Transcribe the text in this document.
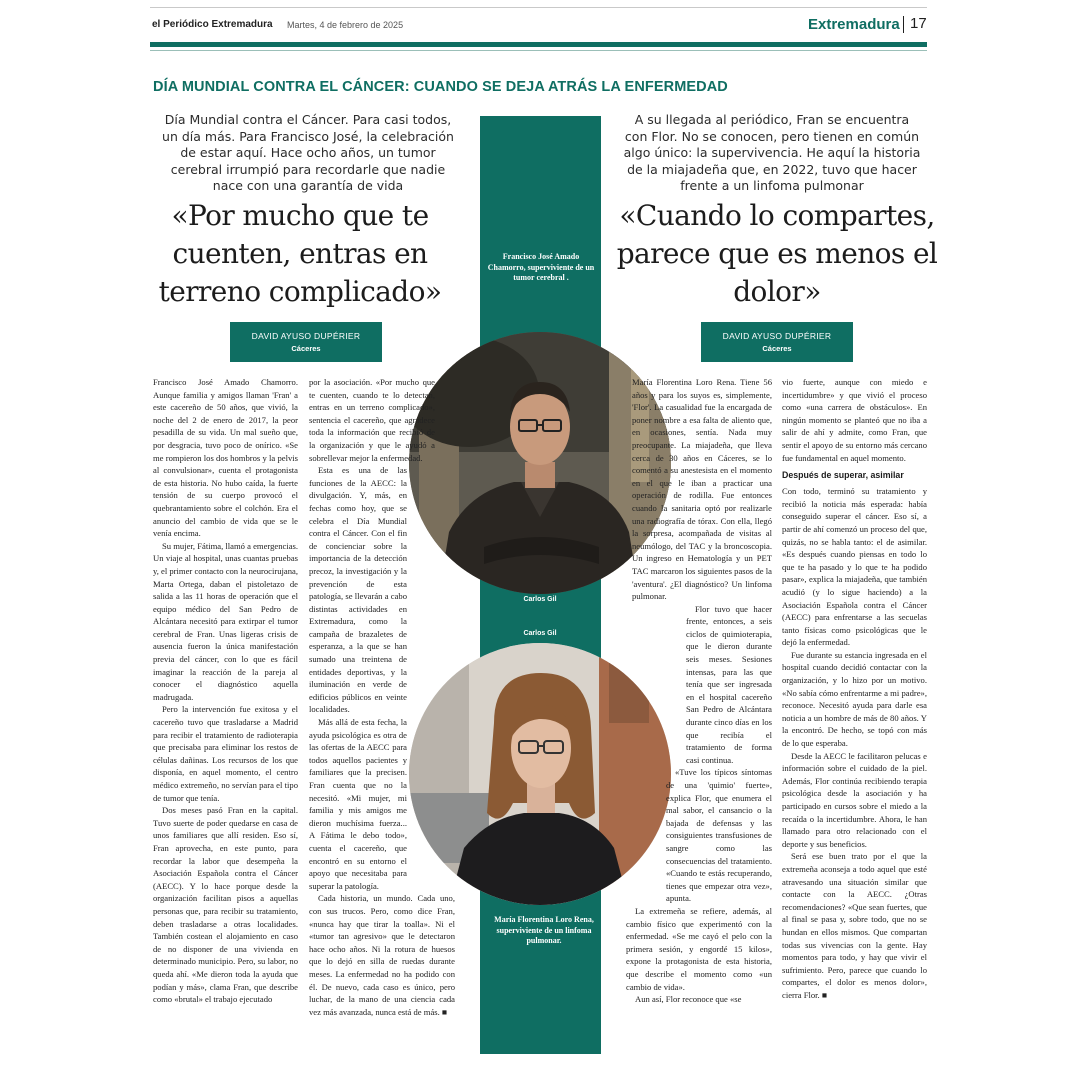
el Periódico Extremadura Martes, 4 de febrero de 2025	Extremadura 17
DÍA MUNDIAL CONTRA EL CÁNCER: CUANDO SE DEJA ATRÁS LA ENFERMEDAD
Día Mundial contra el Cáncer. Para casi todos, un día más. Para Francisco José, la celebración de estar aquí. Hace ocho años, un tumor cerebral irrumpió para recordarle que nadie nace con una garantía de vida
A su llegada al periódico, Fran se encuentra con Flor. No se conocen, pero tienen en común algo único: la supervivencia. He aquí la historia de la miajadeña que, en 2022, tuvo que hacer frente a un linfoma pulmonar
«Por mucho que te cuenten, entras en terreno complicado»
«Cuando lo compartes, parece que es menos el dolor»
DAVID AYUSO DUPÉRIER
Cáceres
DAVID AYUSO DUPÉRIER
Cáceres
Francisco José Amado Chamorro, superviviente de un tumor cerebral .
Carlos Gil
Carlos Gil
María Florentina Loro Rena, superviviente de un linfoma pulmonar.

Francisco José Amado Chamorro. Aunque familia y amigos llaman 'Fran' a este cacereño de 50 años, que vivió, la noche del 2 de enero de 2017, la peor pesadilla de su vida. Un mal sueño que, por desgracia, tuvo poco de onírico. «Se me rompieron los dos hombros y la pelvis al convulsionar», cuenta el protagonista de esta historia. No hubo caída, la fuerte tensión de su cuerpo provocó el quebrantamiento sobre el colchón. Era el anuncio del cambio de vida que se le venía encima.

Su mujer, Fátima, llamó a emergencias. Un viaje al hospital, unas cuantas pruebas y, el primer contacto con la neurocirujana, Marta Ortega, daban el pistoletazo de salida a las 11 horas de operación que el equipo médico del San Pedro de Alcántara necesitó para extirpar el tumor cerebral de Fran. Unas ligeras crisis de ausencia fueron la única manifestación previa del cáncer, con lo que es fácil imaginar la reacción de la pareja al conocer el diagnóstico aquella madrugada.

Pero la intervención fue exitosa y el cacereño tuvo que trasladarse a Madrid para recibir el tratamiento de radioterapia que precisaba para eliminar los restos de células dañinas. Los recursos de los que disponía, en aquel momento, el centro médico extremeño, no servían para el tipo de tumor que tenía.

Dos meses pasó Fran en la capital. Tuvo suerte de poder quedarse en casa de unos familiares que allí residen. Eso sí, Fran aprovecha, en este punto, para recordar la labor que desempeña la Asociación Española contra el Cáncer (AECC). Y lo hace porque desde la organización facilitan pisos a aquellas personas que, para recibir su tratamiento, deben trasladarse a otras localidades. También costean el alojamiento en caso de no disponer de una vivienda en determinado municipio. Pero, su labor, no queda ahí. «Me dieron toda la ayuda que podían y más», clama Fran, que describe como «brutal» el trabajo ejecutado

por la asociación. «Por mucho que te cuenten, cuando te lo detectan, entras en un terreno complicado», sentencia el cacereño, que agradece toda la información que recibió de la organización y que le ayudó a sobrellevar mejor la enfermedad.

Esta es una de las funciones de la AECC: la divulgación. Y, más, en fechas como hoy, que se celebra el Día Mundial contra el Cáncer. Con el fin de concienciar sobre la importancia de la detección precoz, la investigación y la prevención de esta patología, se llevarán a cabo distintas actividades en Extremadura, como la campaña de brazaletes de esperanza, a la que se han sumado una treintena de entidades deportivas, y la iluminación en verde de edificios públicos en veinte localidades.

Más allá de esta fecha, la ayuda psicológica es otra de las ofertas de la AECC para todos aquellos pacientes y familiares que la precisen. Fran cuenta que no la necesitó. «Mi mujer, mi familia y mis amigos me dieron muchísima fuerza... A Fátima le debo todo», cuenta el cacereño, que encontró en su entorno el apoyo que necesitaba para superar la patología.

Cada historia, un mundo. Cada uno, con sus trucos. Pero, como dice Fran, «nunca hay que tirar la toalla». Ni el «tumor tan agresivo» que le detectaron hace ocho años. Ni la rotura de huesos que lo dejó en silla de ruedas durante meses. La enfermedad no ha podido con él. De nuevo, cada caso es único, pero luchar, de la mano de una ciencia cada vez más avanzada, nunca está de más. ■

María Florentina Loro Rena. Tiene 56 años y para los suyos es, simplemente, 'Flor'. La casualidad fue la encargada de poner nombre a esa falta de aliento que, en ocasiones, sentía. Nada muy preocupante. La miajadeña, que lleva cerca de 30 años en Cáceres, se lo comentó a su anestesista en el momento en el que le iban a practicar una operación de rodilla. Fue entonces cuando la sanitaria optó por realizarle una radiografía de tórax. Con ella, llegó la sorpresa, acompañada de visitas al neumólogo, del TAC y la broncoscopia. Un ingreso en Hematología y un PET TAC marcaron los siguientes pasos de la 'aventura'. ¿El diagnóstico? Un linfoma pulmonar.

Flor tuvo que hacer frente, entonces, a seis ciclos de quimioterapia, que le dieron durante seis meses. Sesiones intensas, para las que tenía que ser ingresada en el hospital cacereño San Pedro de Alcántara durante cinco días en los que recibía el tratamiento de forma casi continua.

«Tuve los típicos síntomas de una 'quimio' fuerte», explica Flor, que enumera el mal sabor, el cansancio o la bajada de defensas y las consiguientes transfusiones de sangre como las consecuencias del tratamiento. «Cuando te estás recuperando, tienes que empezar otra vez», apunta.

La extremeña se refiere, además, al cambio físico que experimentó con la enfermedad. «Se me cayó el pelo con la primera sesión, y engordé 15 kilos», expone la protagonista de esta historia, que describe el momento como «un cambio de vida».

Aun así, Flor reconoce que «se

vio fuerte, aunque con miedo e incertidumbre» y que vivió el proceso como «una carrera de obstáculos». En ningún momento se planteó que no iba a salir de ahí y admite, como Fran, que sentir el apoyo de su entorno más cercano fue fundamental en aquel momento.

Después de superar, asimilar

Con todo, terminó su tratamiento y recibió la noticia más esperada: había conseguido superar el cáncer. Eso sí, a partir de ahí comenzó un proceso del que, quizás, no se habla tanto: el de asimilar. «Es después cuando piensas en todo lo que te ha pasado y lo que te ha podido pasar», explica la miajadeña, que también acudió (y lo sigue haciendo) a la Asociación Española contra el Cáncer (AECC) para enfrentarse a las secuelas tanto físicas como psicológicas que le dejó la enfermedad.

Fue durante su estancia ingresada en el hospital cuando decidió contactar con la organización, y lo hizo por un motivo. «No sabía cómo enfrentarme a mi padre», reconoce. Necesitó ayuda para darle esa noticia a un hombre de más de 80 años. Y la encontró. De hecho, se topó con más de lo que esperaba.

Desde la AECC le facilitaron pelucas e información sobre el cuidado de la piel. Además, Flor continúa recibiendo terapia psicológica desde la asociación y ha participado en cursos sobre el miedo a la recaída o la incertidumbre. Ahora, le han llamado para otro relacionado con el deporte y sus beneficios.

Será ese buen trato por el que la extremeña aconseja a todo aquel que esté atravesando una situación similar que contacte con la AECC. ¿Otras recomendaciones? «Que sean fuertes, que al final se pasa y, sobre todo, que no se hundan en ellos mismos. Que compartan todas sus vivencias con la gente. Hay momentos para todo, y hay que vivir el sufrimiento. Pero, parece que cuando lo compartes, el dolor es menos dolor», cierra Flor. ■
